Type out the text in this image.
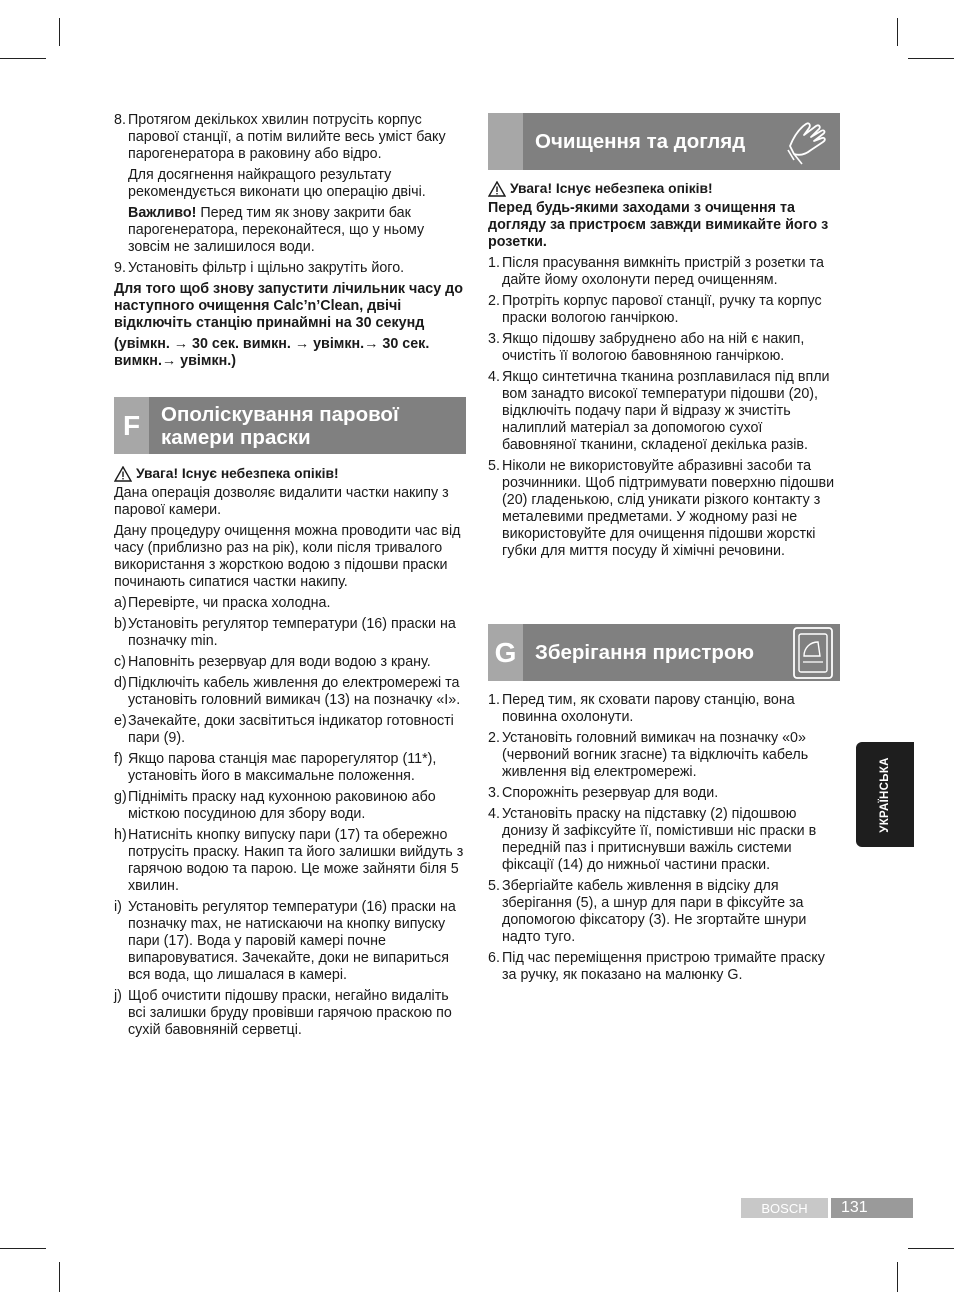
8. Протягом декількох хвилин потрусіть корпус парової станції, а потім вилийте весь уміст баку парогенератора в раковину або відро.
Для досягнення найкращого результату рекомендується виконати цю операцію двічі.
Важливо! Перед тим як знову закрити бак парогенератора, переконайтеся, що у ньому зовсім не залишилося води.
9. Установіть фільтр і щільно закрутіть його.

Для того щоб знову запустити лічильник часу до наступного очищення Calc’n’Clean, двічі відключіть станцію принаймні на 30 секунд

(увімкн. → 30 сек. вимкн. → увімкн.→ 30 сек. вимкн.→ увімкн.)

F	Ополіскування парової камери праски
Увага! Існує небезпека опіків!

Дана операція дозволяє видалити частки накипу з парової камери.

Дану процедуру очищення можна проводити час від часу (приблизно раз на рік), коли після тривалого використання з жорсткою водою з підошви праски починають сипатися частки накипу.

a) Перевірте, чи праска холодна.
b) Установіть регулятор температури (16) праски на позначку min.
c) Наповніть резервуар для води водою з крану.
d) Підключіть кабель живлення до електромережі та установіть головний вимикач (13) на позначку «I».
e) Зачекайте, доки засвітиться індикатор готовності пари (9).
f) Якщо парова станція має парорегулятор (11*), установіть його в максимальне положення.
g) Підніміть праску над кухонною раковиною або місткою посудиною для збору води.
h) Натисніть кнопку випуску пари (17) та обережно потрусіть праску. Накип та його залишки вийдуть з гарячою водою та парою. Це може зайняти біля 5 хвилин.
i) Установіть регулятор температури (16) праски на позначку max, не натискаючи на кнопку випуску пари (17). Вода у паровій камері почне випаровуватися. Зачекайте, доки не випариться вся вода, що лишалася в камері.
j) Щоб очистити підошву праски, негайно видаліть всі залишки бруду провівши гарячою праскою по сухій бавовняній серветці.
Очищення та догляд
Увага! Існує небезпека опіків!

Перед будь-якими заходами з очищення та догляду за пристроєм завжди вимикайте його з розетки.

1. Після прасування вимкніть пристрій з розетки та дайте йому охолонути перед очищенням.
2. Протріть корпус парової станції, ручку та корпус праски вологою ганчіркою.
3. Якщо підошву забруднено або на ній є накип, очистіть її вологою бавовняною ганчіркою.
4. Якщо синтетична тканина розплавилася під впли вом занадто високої температури підошви (20), відключіть подачу пари й відразу ж зчистіть налиплий матеріал за допомогою сухої бавовняної тканини, складеної декілька разів.
5. Ніколи не використовуйте абразивні засоби та розчинники. Щоб підтримувати поверхню підошви (20) гладенькою, слід уникати різкого контакту з металевими предметами. У жодному разі не використовуйте для очищення підошви жорсткі губки для миття посуду й хімічні речовини.
G Зберігання пристрою
1. Перед тим, як сховати парову станцію, вона повинна охолонути.
2. Установіть головний вимикач на позначку «0» (червоний вогник згасне) та відключіть кабель живлення від електромережі.
3. Спорожніть резервуар для води.
4. Установіть праску на підставку (2) підошвою донизу й зафіксуйте її, помістивши ніс праски в передній паз і притиснувши важіль системи фіксації (14) до нижньої частини праски.
5. Збергіайте кабель живлення в відсіку для зберігання (5), а шнур для пари в фіксуйте за допомогою фіксатору (3). Не згортайте шнури надто туго.
6. Під час переміщення пристрою тримайте праску за ручку, як показано на малюнку G.
УКРАЇНСЬКА
BOSCH	131
